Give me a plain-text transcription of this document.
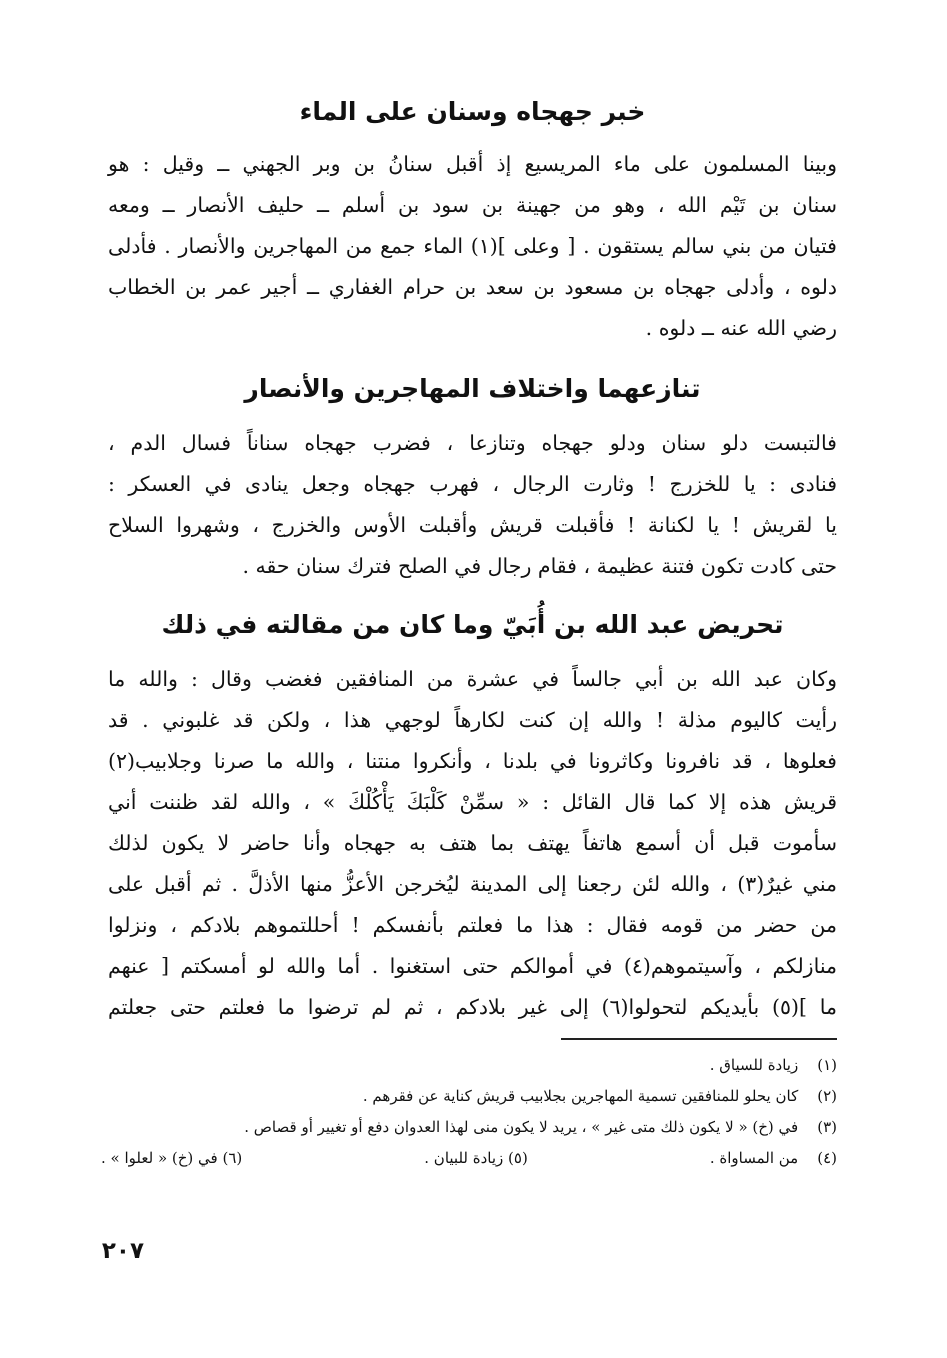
خبر جهجاه وسنان على الماء

وبينا المسلمون على ماء المريسيع إذ أقبل سنانُ بن وبر الجهني ــ وقيل : هو
سنان بن تَيْم الله ، وهو من جهينة بن سود بن أسلم ــ حليف الأنصار ــ ومعه
فتيان من بني سالم يستقون . [ وعلى ](١) الماء جمع من المهاجرين والأنصار . فأدلى
دلوه ، وأدلى جهجاه بن مسعود بن سعد بن حرام الغفاري ــ أجير عمر بن الخطاب
رضي الله عنه ــ دلوه .

تنازعهما واختلاف المهاجرين والأنصار

فالتبست دلو سنان ودلو جهجاه وتنازعا ، فضرب جهجاه سناناً فسال الدم ،
فنادى : يا للخزرج ! وثارت الرجال ، فهرب جهجاه وجعل ينادى في العسكر :
يا لقريش ! يا لكنانة ! فأقبلت قريش وأقبلت الأوس والخزرج ، وشهروا السلاح
حتى كادت تكون فتنة عظيمة ، فقام رجال في الصلح فترك سنان حقه .

تحريض عبد الله بن أُبَيّ وما كان من مقالته في ذلك

وكان عبد الله بن أبي جالساً في عشرة من المنافقين فغضب وقال : والله ما
رأيت كاليوم مذلة ! والله إن كنت لكارهاً لوجهي هذا ، ولكن قد غلبوني . قد
فعلوها ، قد نافرونا وكاثرونا في بلدنا ، وأنكروا منتنا ، والله ما صرنا وجلابيب(٢)
قريش هذه إلا كما قال القائل : « سمِّنْ كَلْبَكَ يَأْكُلْكَ » ، والله لقد ظننت أني
سأموت قبل أن أسمع هاتفاً يهتف بما هتف به جهجاه وأنا حاضر لا يكون لذلك
مني غيرٌ(٣) ، والله لئن رجعنا إلى المدينة ليُخرجن الأعزُّ منها الأذلَّ . ثم أقبل على
من حضر من قومه فقال : هذا ما فعلتم بأنفسكم ! أحللتموهم بلادكم ، ونزلوا
منازلكم ، وآسيتموهم(٤) في أموالكم حتى استغنوا . أما والله لو أمسكتم [ عنهم
ما ](٥) بأيديكم لتحولوا(٦) إلى غير بلادكم ، ثم لم ترضوا ما فعلتم حتى جعلتم

(١) زيادة للسياق .

(٢) كان يحلو للمنافقين تسمية المهاجرين بجلابيب قريش كناية عن فقرهم .

(٣) في (خ) « لا يكون ذلك متى غير » ، يريد لا يكون منى لهذا العدوان دفع أو تغيير أو قصاص .

(٤) من المساواة .
(٥) زيادة للبيان .
(٦) في (خ) « لعلوا » .

٢٠٧
